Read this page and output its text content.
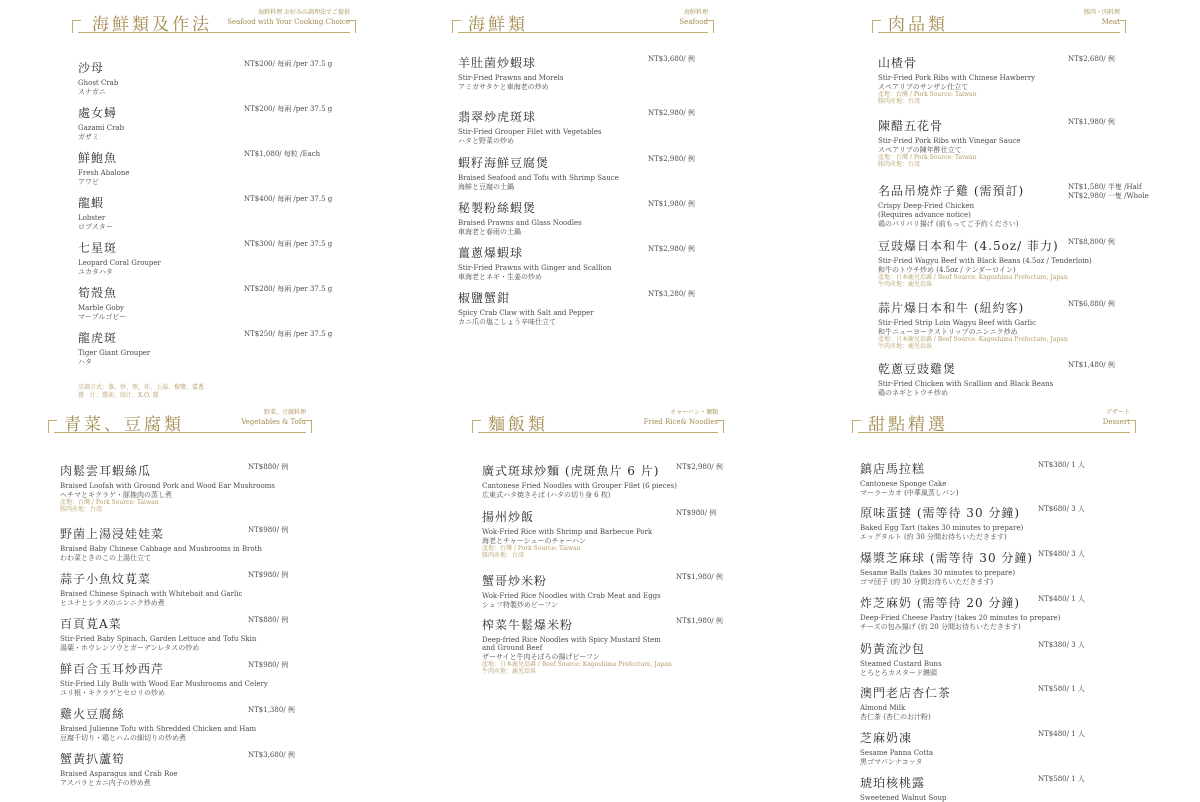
海鮮類及作法
海鮮料理 お好みの調理法でご提供
Seafood with Your Cooking Choice
沙母
Ghost Crab
スナガニ
NT$200/ 每兩 /per 37.5 g
處女蟳
Gazami Crab
ガザミ
NT$200/ 每兩 /per 37.5 g
鮮鮑魚
Fresh Abalone
アワビ
NT$1,080/ 每粒 /Each
龍蝦
Lobster
ロブスター
NT$400/ 每兩 /per 37.5 g
七星斑
Leopard Coral Grouper
ユカタハタ
NT$300/ 每兩 /per 37.5 g
筍殼魚
Marble Goby
マーブルゴビー
NT$280/ 每兩 /per 37.5 g
龍虎斑
Tiger Giant Grouper
ハタ
NT$250/ 每兩 /per 37.5 g
烹調方式：蒸、炒、煎、炸、上湯、椒鹽、薑蔥
醬　汁：醬油、豉汁、X.O. 醬
海鮮類
海鮮料理
Seafood
羊肚菌炒蝦球
Stir-Fried Prawns and Morels
アミガサタケと車海老の炒め
NT$3,680/ 例
翡翠炒虎斑球
Stir-Fried Grouper Filet with Vegetables
ハタと野菜の炒め
NT$2,980/ 例
蝦籽海鮮豆腐煲
Braised Seafood and Tofu with Shrimp Sauce
海鮮と豆腐の土鍋
NT$2,980/ 例
秘製粉絲蝦煲
Braised Prawns and Glass Noodles
車海老と春雨の土鍋
NT$1,980/ 例
薑蔥爆蝦球
Stir-Fried Prawns with Ginger and Scallion
車海老とネギ・生姜の炒め
NT$2,980/ 例
椒鹽蟹鉗
Spicy Crab Claw with Salt and Pepper
カニ爪の塩こしょう辛味仕立て
NT$3,280/ 例
肉品類
豚肉・肉料理
Meat
山楂骨
Stir-Fried Pork Ribs with Chinese Hawberry
スペアリブのサンザシ仕立て
產地：台灣 / Pork Source: Taiwan
豚肉産地：台湾
NT$2,680/ 例
陳醋五花骨
Stir-Fried Pork Ribs with Vinegar Sauce
スペアリブの陳年酢仕立て
產地：台灣 / Pork Source: Taiwan
豚肉産地：台湾
NT$1,980/ 例
名品吊燒炸子雞 (需預訂)
Crispy Deep-Fried Chicken
(Requires advance notice)
鶏のパリパリ揚げ (前もってご予約ください)
NT$1,580/ 半隻 /Half
NT$2,980/ 一隻 /Whole
豆豉爆日本和牛 (4.5oz/ 菲力)
Stir-Fried Wagyu Beef with Black Beans (4.5oz / Tenderloin)
和牛のトウチ炒め (4.5oz / テンダーロイン)
產地：日本鹿兒島縣 / Beef Source: Kagoshima Prefecture, Japan
牛肉産地：鹿児島県
NT$8,800/ 例
蒜片爆日本和牛 (紐約客)
Stir-Fried Strip Loin Wagyu Beef with Garlic
和牛ニューヨークストリップのニンニク炒め
產地：日本鹿兒島縣 / Beef Source: Kagoshima Prefecture, Japan
牛肉産地：鹿児島県
NT$6,880/ 例
乾蔥豆豉雞煲
Stir-Fried Chicken with Scallion and Black Beans
鶏のネギとトウチ炒め
NT$1,480/ 例
青菜、豆腐類
野菜、豆腐料理
Vegetables & Tofu
肉鬆雲耳蝦絲瓜
Braised Loofah with Ground Pork and Wood Ear Mushrooms
ヘチマとキクラゲ・豚挽肉の蒸し煮
產地：台灣 / Pork Source: Taiwan
豚肉産地：台湾
NT$880/ 例
野菌上湯浸娃娃菜
Braised Baby Chinese Cabbage and Mushrooms in Broth
わわ菜ときのこの上湯仕立て
NT$980/ 例
蒜子小魚炆莧菜
Braised Chinese Spinach with Whitebait and Garlic
ヒユナとシラスのニンニク炒め煮
NT$980/ 例
百頁莧A菜
Stir-Fried Baby Spinach, Garden Lettuce and Tofu Skin
湯葉・ホウレンソウとガーデンレタスの炒め
NT$880/ 例
鮮百合玉耳炒西芹
Stir-Fried Lily Bulb with Wood Ear Mushrooms and Celery
ユリ根・キクラゲとセロリの炒め
NT$980/ 例
雞火豆腐絲
Braised Julienne Tofu with Shredded Chicken and Ham
豆腐千切り・鶏とハムの細切りの炒め煮
NT$1,380/ 例
蟹黃扒蘆筍
Braised Asparagus and Crab Roe
アスパラとカニ内子の炒め煮
NT$3,680/ 例
麵飯類
チャーハン・麺類
Fried Rice& Noodles
廣式斑球炒麵 (虎斑魚片 6 片)
Cantonese Fried Noodles with Grouper Filet (6 pieces)
広東式ハタ焼きそば (ハタの切り身 6 枚)
NT$2,980/ 例
揚州炒飯
Wok-Fried Rice with Shrimp and Barbecue Pork
海老とチャーシューのチャーハン
產地：台灣 / Pork Source: Taiwan
豚肉産地：台湾
NT$980/ 例
蟹哥炒米粉
Wok-Fried Rice Noodles with Crab Meat and Eggs
シェフ特製炒めビーフン
NT$1,980/ 例
榨菜牛鬆爆米粉
Deep-fried Rice Noodles with Spicy Mustard Stem
and Ground Beef
ザーサイと牛肉そぼろの揚げビーフン
產地：日本鹿兒島縣 / Beef Source: Kagoshima Prefecture, Japan
牛肉産地：鹿児島県
NT$1,980/ 例
甜點精選
デザート
Dessert
鎮店馬拉糕
Cantonese Sponge Cake
マーラーカオ (中華風蒸しパン)
NT$380/ 1 人
原味蛋撻 (需等待 30 分鐘)
Baked Egg Tart (takes 30 minutes to prepare)
エッグタルト (約 30 分間お待ちいただきます)
NT$680/ 3 人
爆漿芝麻球 (需等待 30 分鐘)
Sesame Balls (takes 30 minutes to prepare)
ゴマ団子 (約 30 分間お待ちいただきます)
NT$480/ 3 人
炸芝麻奶 (需等待 20 分鐘)
Deep-Fried Cheese Pastry (takes 20 minutes to prepare)
チーズの包み揚げ (約 20 分間お待ちいただきます)
NT$480/ 1 人
奶黃流沙包
Steamed Custard Buns
とろとろカスタード饅頭
NT$380/ 3 人
澳門老店杏仁茶
Almond Milk
杏仁茶 (杏仁のお汁粉)
NT$580/ 1 人
芝麻奶凍
Sesame Panna Cotta
黒ゴマパンナコッタ
NT$480/ 1 人
琥珀核桃露
Sweetened Walnut Soup
NT$580/ 1 人
